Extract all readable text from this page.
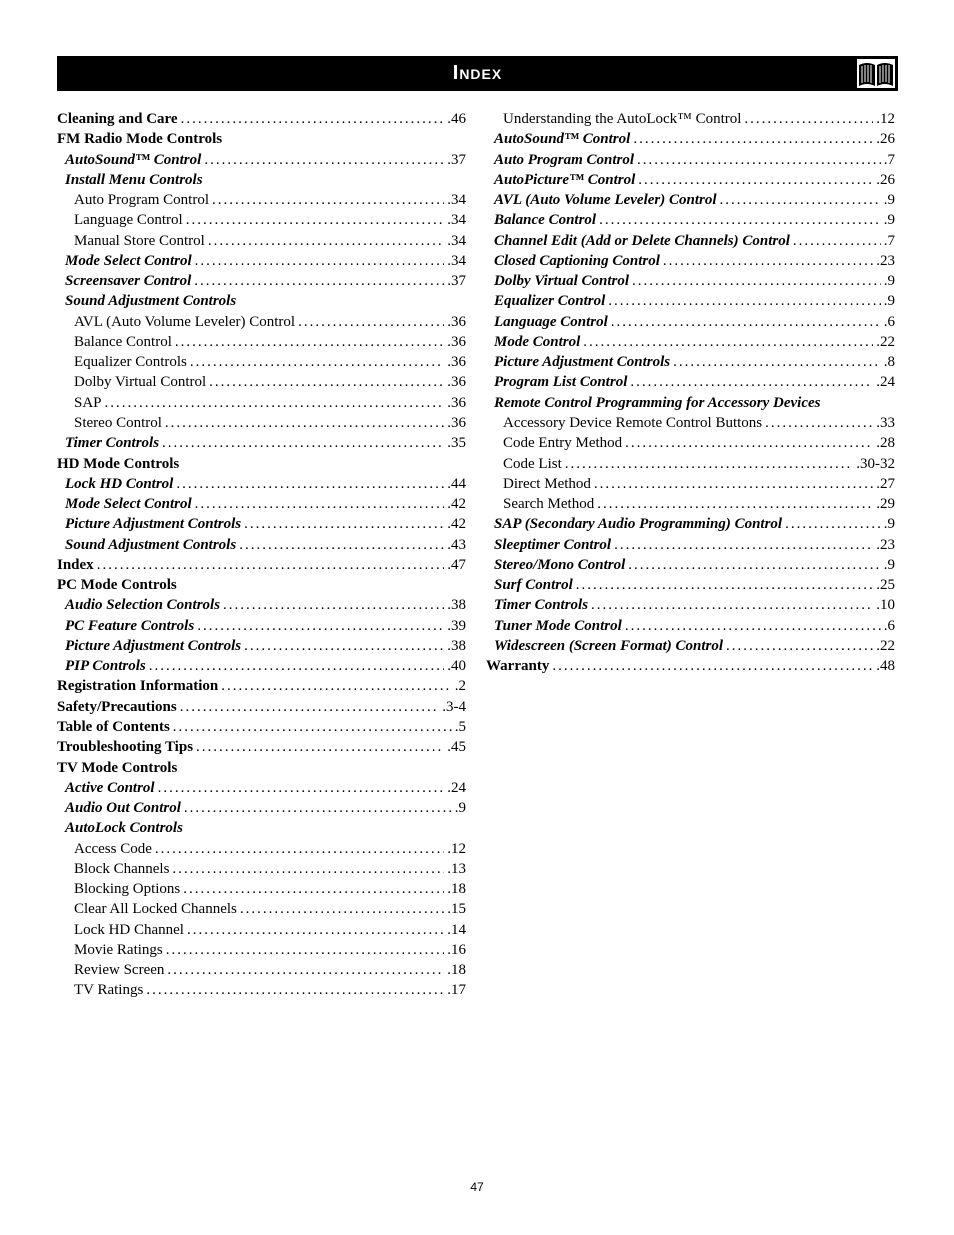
Index
Cleaning and Care .....	.46
FM Radio Mode Controls
AutoSound™ Control .....	.37
Install Menu Controls
Auto Program Control .....	.34
Language Control .....	.34
Manual Store Control .....	.34
Mode Select Control .....	.34
Screensaver Control .....	.37
Sound Adjustment Controls
AVL (Auto Volume Leveler) Control .....	.36
Balance Control .....	.36
Equalizer Controls .....	.36
Dolby Virtual Control .....	.36
SAP .....	.36
Stereo Control .....	.36
Timer Controls .....	.35
HD Mode Controls
Lock HD Control .....	.44
Mode Select Control .....	.42
Picture Adjustment Controls .....	.42
Sound Adjustment Controls .....	.43
Index .....	.47
PC Mode Controls
Audio Selection Controls .....	.38
PC Feature Controls .....	.39
Picture Adjustment Controls .....	.38
PIP Controls .....	.40
Registration Information .....	.2
Safety/Precautions .....	.3-4
Table of Contents .....	.5
Troubleshooting Tips .....	.45
TV Mode Controls
Active Control .....	.24
Audio Out Control .....	.9
AutoLock Controls
Access Code .....	.12
Block Channels .....	.13
Blocking Options .....	.18
Clear All Locked Channels .....	.15
Lock HD Channel .....	.14
Movie Ratings .....	.16
Review Screen .....	.18
TV Ratings .....	.17
Understanding the AutoLock™ Control .....	.12
AutoSound™ Control .....	.26
Auto Program Control .....	.7
AutoPicture™ Control .....	.26
AVL (Auto Volume Leveler) Control .....	.9
Balance Control .....	.9
Channel Edit (Add or Delete Channels) Control .....	.7
Closed Captioning Control .....	.23
Dolby Virtual Control .....	.9
Equalizer Control .....	.9
Language Control .....	.6
Mode Control .....	.22
Picture Adjustment Controls .....	.8
Program List Control .....	.24
Remote Control Programming for Accessory Devices
Accessory Device Remote Control Buttons .....	.33
Code Entry Method .....	.28
Code List .....	.30-32
Direct Method .....	.27
Search Method .....	.29
SAP (Secondary Audio Programming) Control .....	.9
Sleeptimer Control .....	.23
Stereo/Mono Control .....	.9
Surf Control .....	.25
Timer Controls .....	.10
Tuner Mode Control .....	.6
Widescreen (Screen Format) Control .....	.22
Warranty .....	.48
47
